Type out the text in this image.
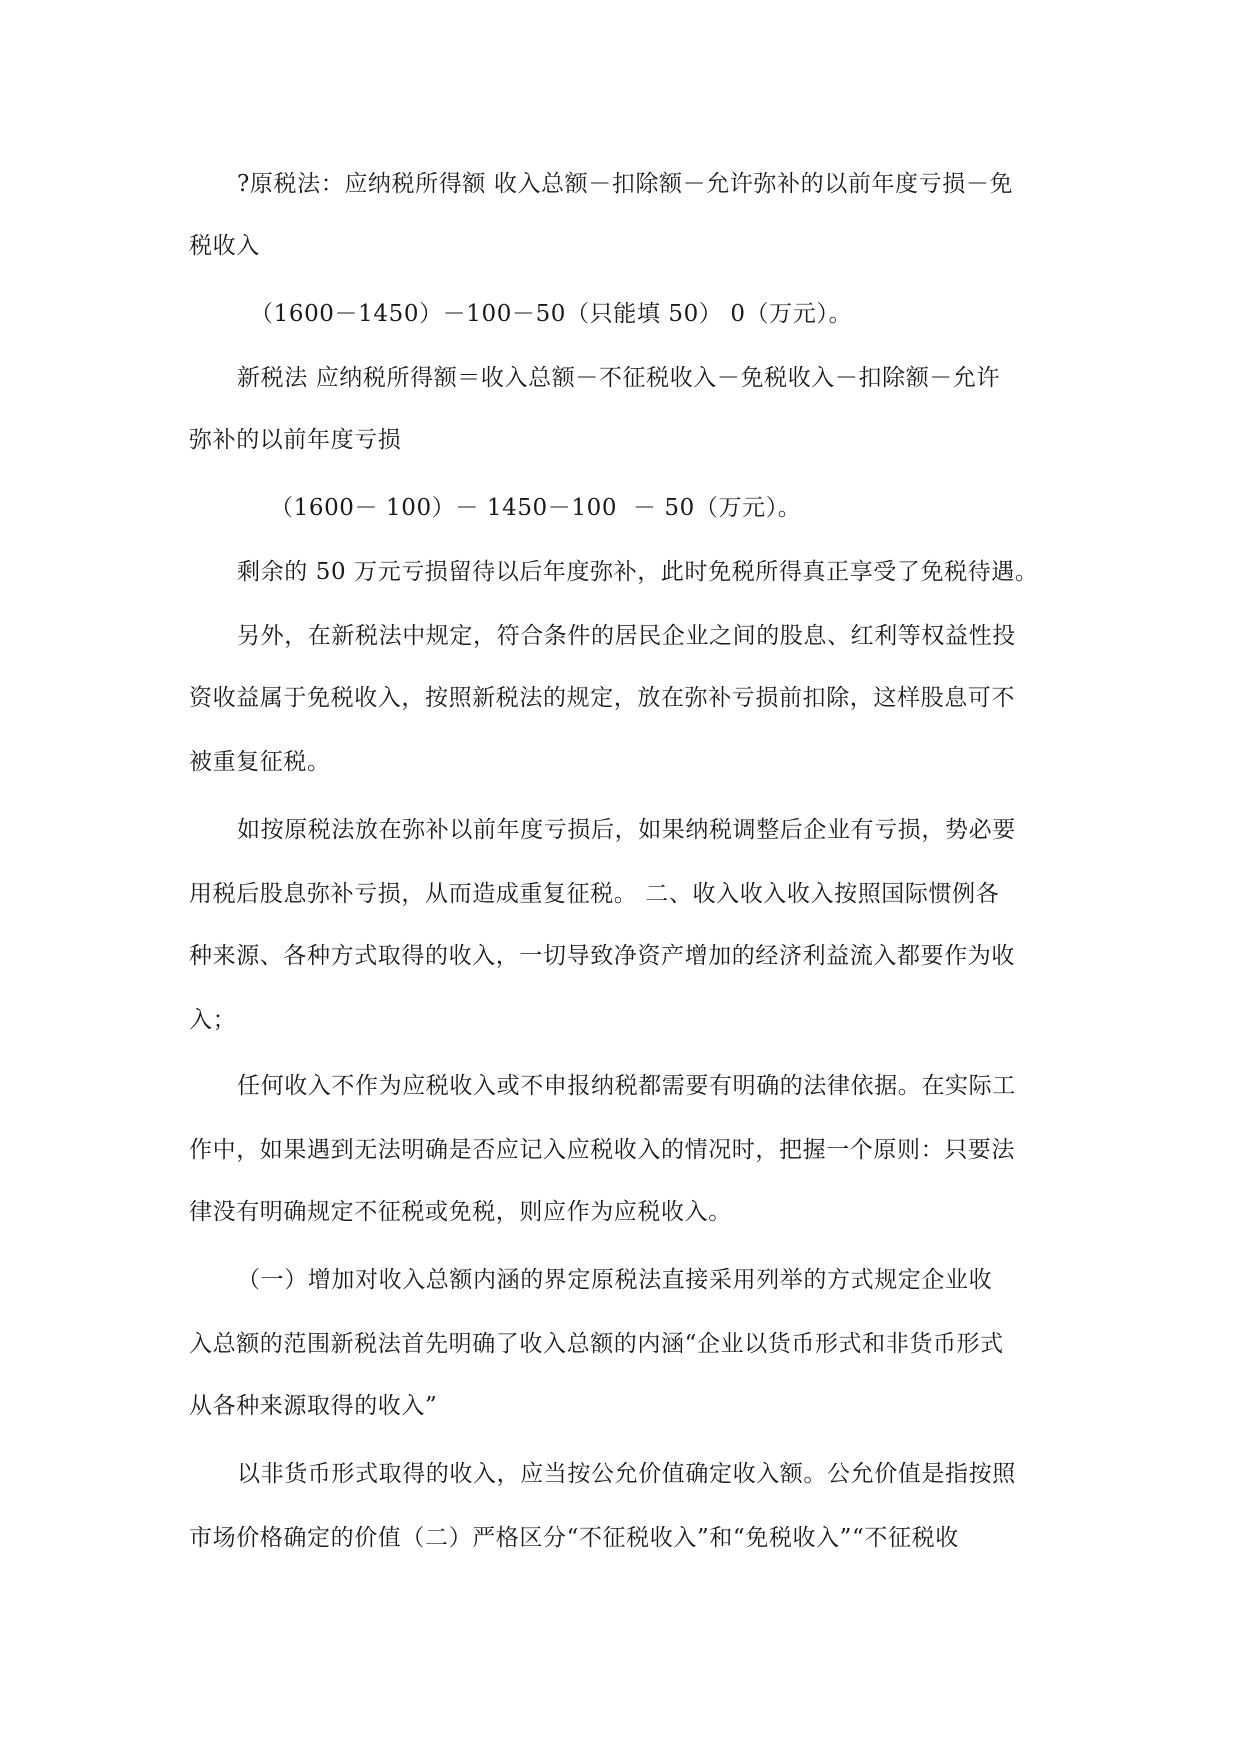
?原税法：应纳税所得额 收入总额－扣除额－允许弥补的以前年度亏损－免

税收入

（1600－1450）－100－50（只能填 50） 0（万元）。

新税法 应纳税所得额＝收入总额－不征税收入－免税收入－扣除额－允许

弥补的以前年度亏损

（1600－ 100）－ 1450－100  － 50（万元）。

剩余的 50 万元亏损留待以后年度弥补，此时免税所得真正享受了免税待遇。

另外，在新税法中规定，符合条件的居民企业之间的股息、红利等权益性投

资收益属于免税收入，按照新税法的规定，放在弥补亏损前扣除，这样股息可不

被重复征税。

如按原税法放在弥补以前年度亏损后，如果纳税调整后企业有亏损，势必要

用税后股息弥补亏损，从而造成重复征税。 二、收入收入收入按照国际惯例各

种来源、各种方式取得的收入，一切导致净资产增加的经济利益流入都要作为收

入；

任何收入不作为应税收入或不申报纳税都需要有明确的法律依据。在实际工

作中，如果遇到无法明确是否应记入应税收入的情况时，把握一个原则：只要法

律没有明确规定不征税或免税，则应作为应税收入。

（一）增加对收入总额内涵的界定原税法直接采用列举的方式规定企业收

入总额的范围新税法首先明确了收入总额的内涵“企业以货币形式和非货币形式

从各种来源取得的收入”

以非货币形式取得的收入，应当按公允价值确定收入额。公允价值是指按照

市场价格确定的价值（二）严格区分“不征税收入”和“免税收入”“不征税收
